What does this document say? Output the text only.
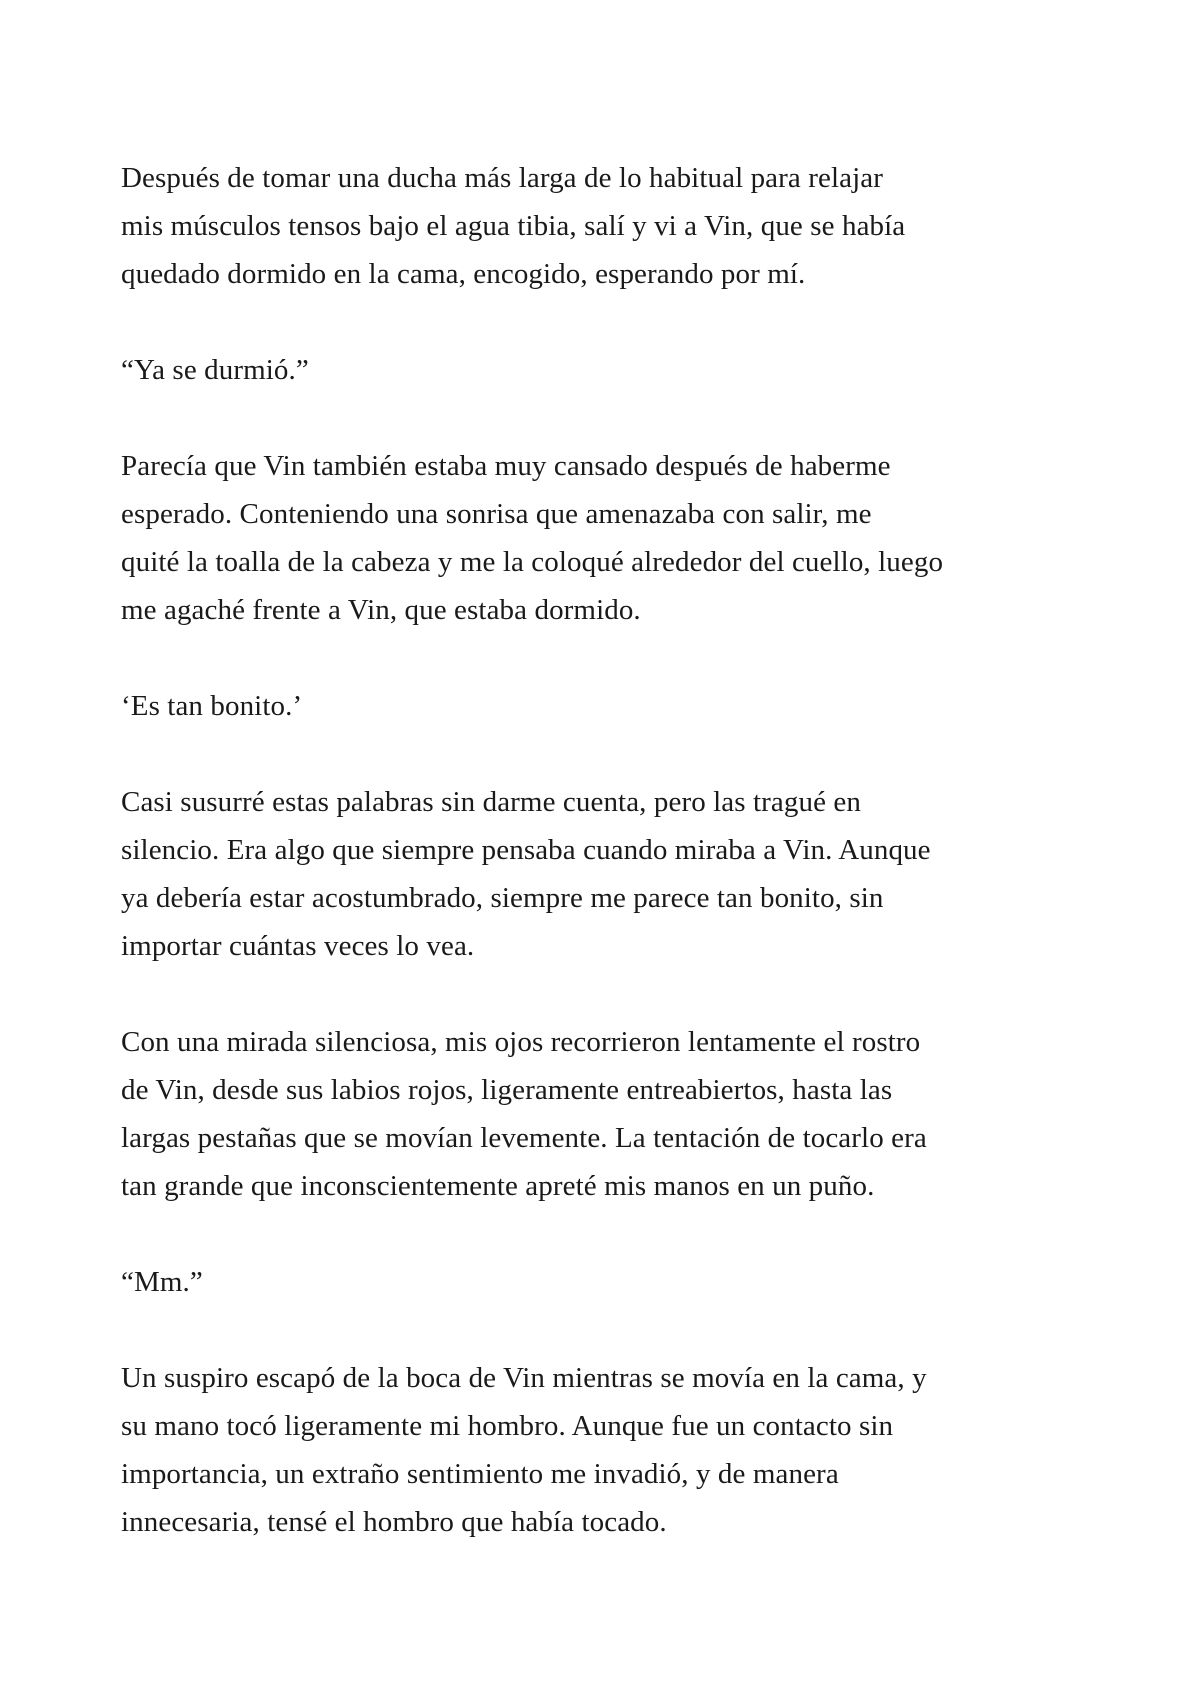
Después de tomar una ducha más larga de lo habitual para relajar
mis músculos tensos bajo el agua tibia, salí y vi a Vin, que se había
quedado dormido en la cama, encogido, esperando por mí.

“Ya se durmió.”

Parecía que Vin también estaba muy cansado después de haberme
esperado. Conteniendo una sonrisa que amenazaba con salir, me
quité la toalla de la cabeza y me la coloqué alrededor del cuello, luego
me agaché frente a Vin, que estaba dormido.

‘Es tan bonito.’

Casi susurré estas palabras sin darme cuenta, pero las tragué en
silencio. Era algo que siempre pensaba cuando miraba a Vin. Aunque
ya debería estar acostumbrado, siempre me parece tan bonito, sin
importar cuántas veces lo vea.

Con una mirada silenciosa, mis ojos recorrieron lentamente el rostro
de Vin, desde sus labios rojos, ligeramente entreabiertos, hasta las
largas pestañas que se movían levemente. La tentación de tocarlo era
tan grande que inconscientemente apreté mis manos en un puño.

“Mm.”

Un suspiro escapó de la boca de Vin mientras se movía en la cama, y
su mano tocó ligeramente mi hombro. Aunque fue un contacto sin
importancia, un extraño sentimiento me invadió, y de manera
innecesaria, tensé el hombro que había tocado.
